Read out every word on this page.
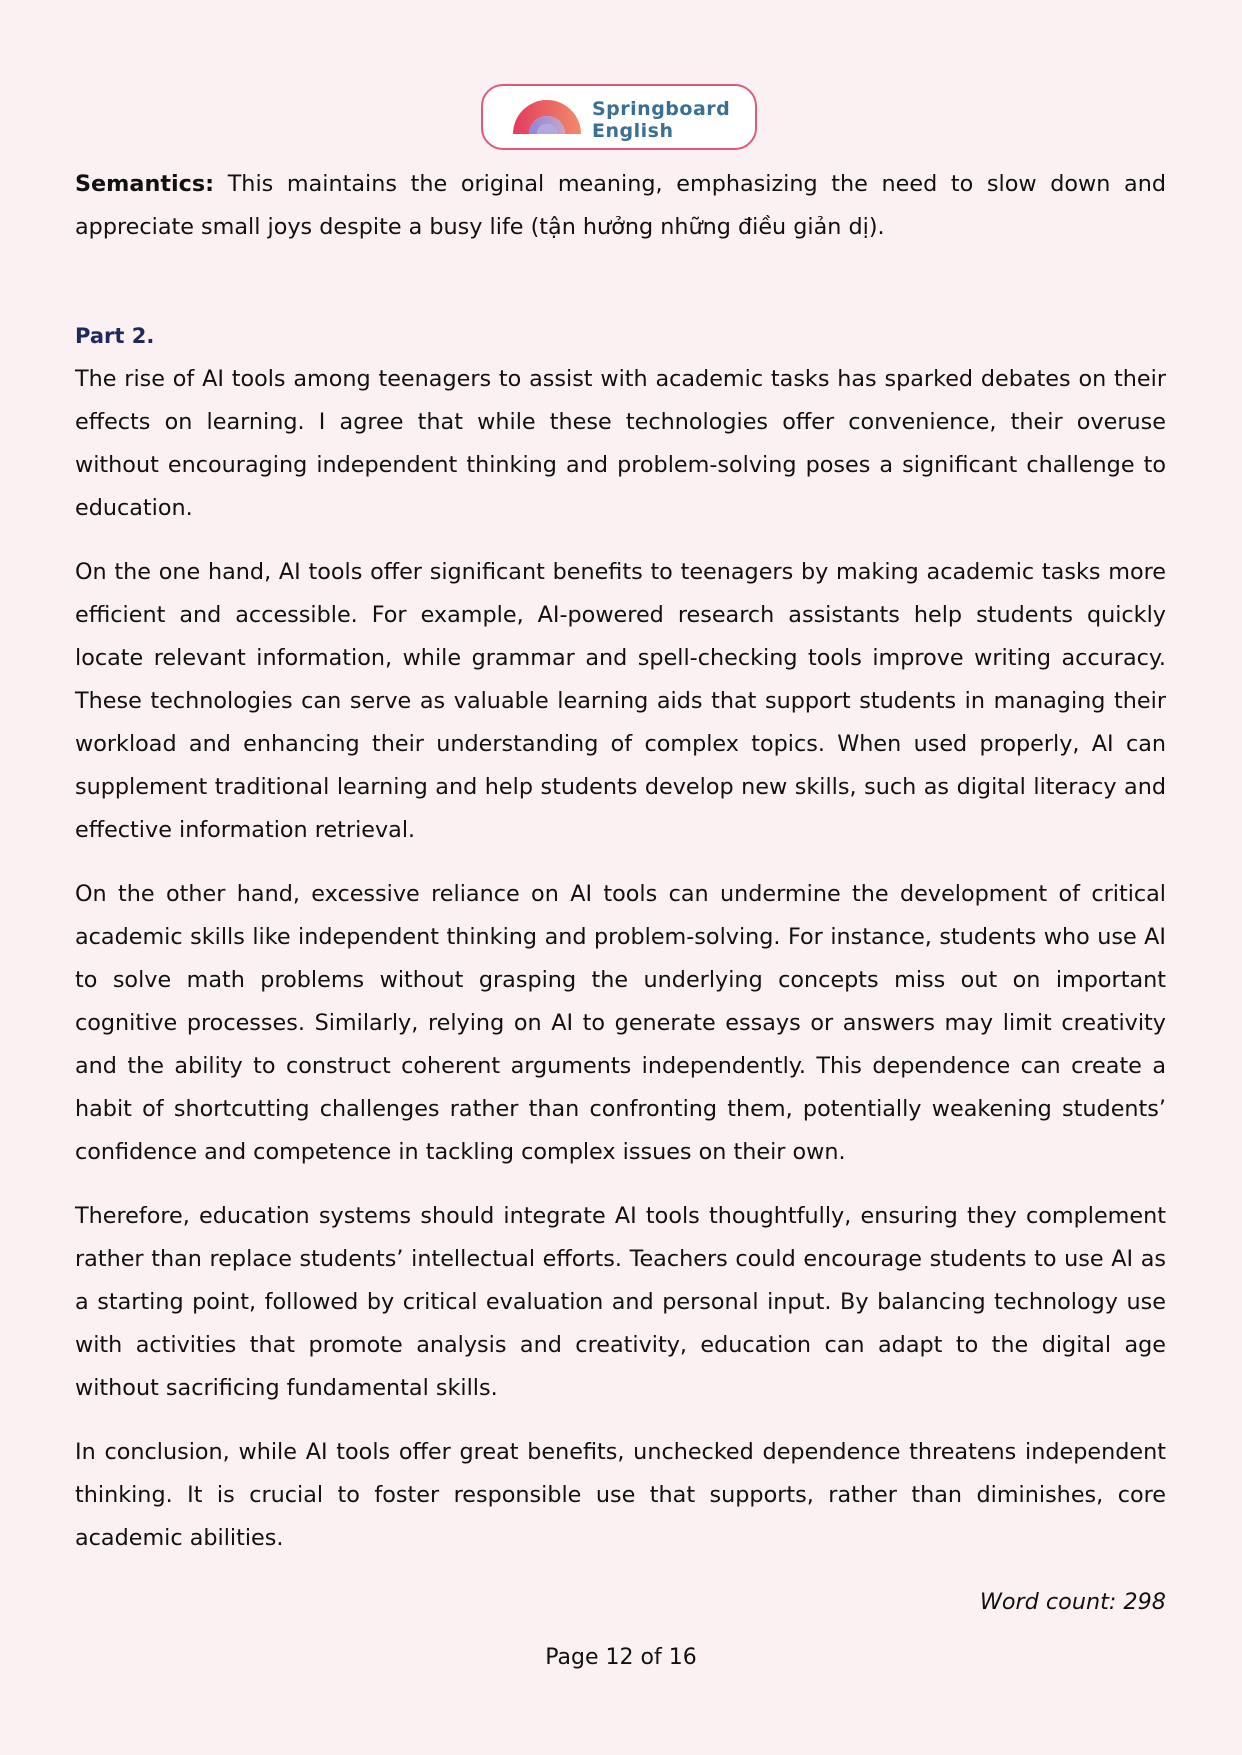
Springboard
English

Semantics: This maintains the original meaning, emphasizing the need to slow down and appreciate small joys despite a busy life (tận hưởng những điều giản dị).

Part 2.

The rise of AI tools among teenagers to assist with academic tasks has sparked debates on their effects on learning. I agree that while these technologies offer convenience, their overuse without encouraging independent thinking and problem-solving poses a significant challenge to education.

On the one hand, AI tools offer significant benefits to teenagers by making academic tasks more efficient and accessible. For example, AI-powered research assistants help students quickly locate relevant information, while grammar and spell-checking tools improve writing accuracy. These technologies can serve as valuable learning aids that support students in managing their workload and enhancing their understanding of complex topics. When used properly, AI can supplement traditional learning and help students develop new skills, such as digital literacy and effective information retrieval.

On the other hand, excessive reliance on AI tools can undermine the development of critical academic skills like independent thinking and problem-solving. For instance, students who use AI to solve math problems without grasping the underlying concepts miss out on important cognitive processes. Similarly, relying on AI to generate essays or answers may limit creativity and the ability to construct coherent arguments independently. This dependence can create a habit of shortcutting challenges rather than confronting them, potentially weakening students’ confidence and competence in tackling complex issues on their own.

Therefore, education systems should integrate AI tools thoughtfully, ensuring they complement rather than replace students’ intellectual efforts. Teachers could encourage students to use AI as a starting point, followed by critical evaluation and personal input. By balancing technology use with activities that promote analysis and creativity, education can adapt to the digital age without sacrificing fundamental skills.

In conclusion, while AI tools offer great benefits, unchecked dependence threatens independent thinking. It is crucial to foster responsible use that supports, rather than diminishes, core academic abilities.

Word count: 298

Page 12 of 16
